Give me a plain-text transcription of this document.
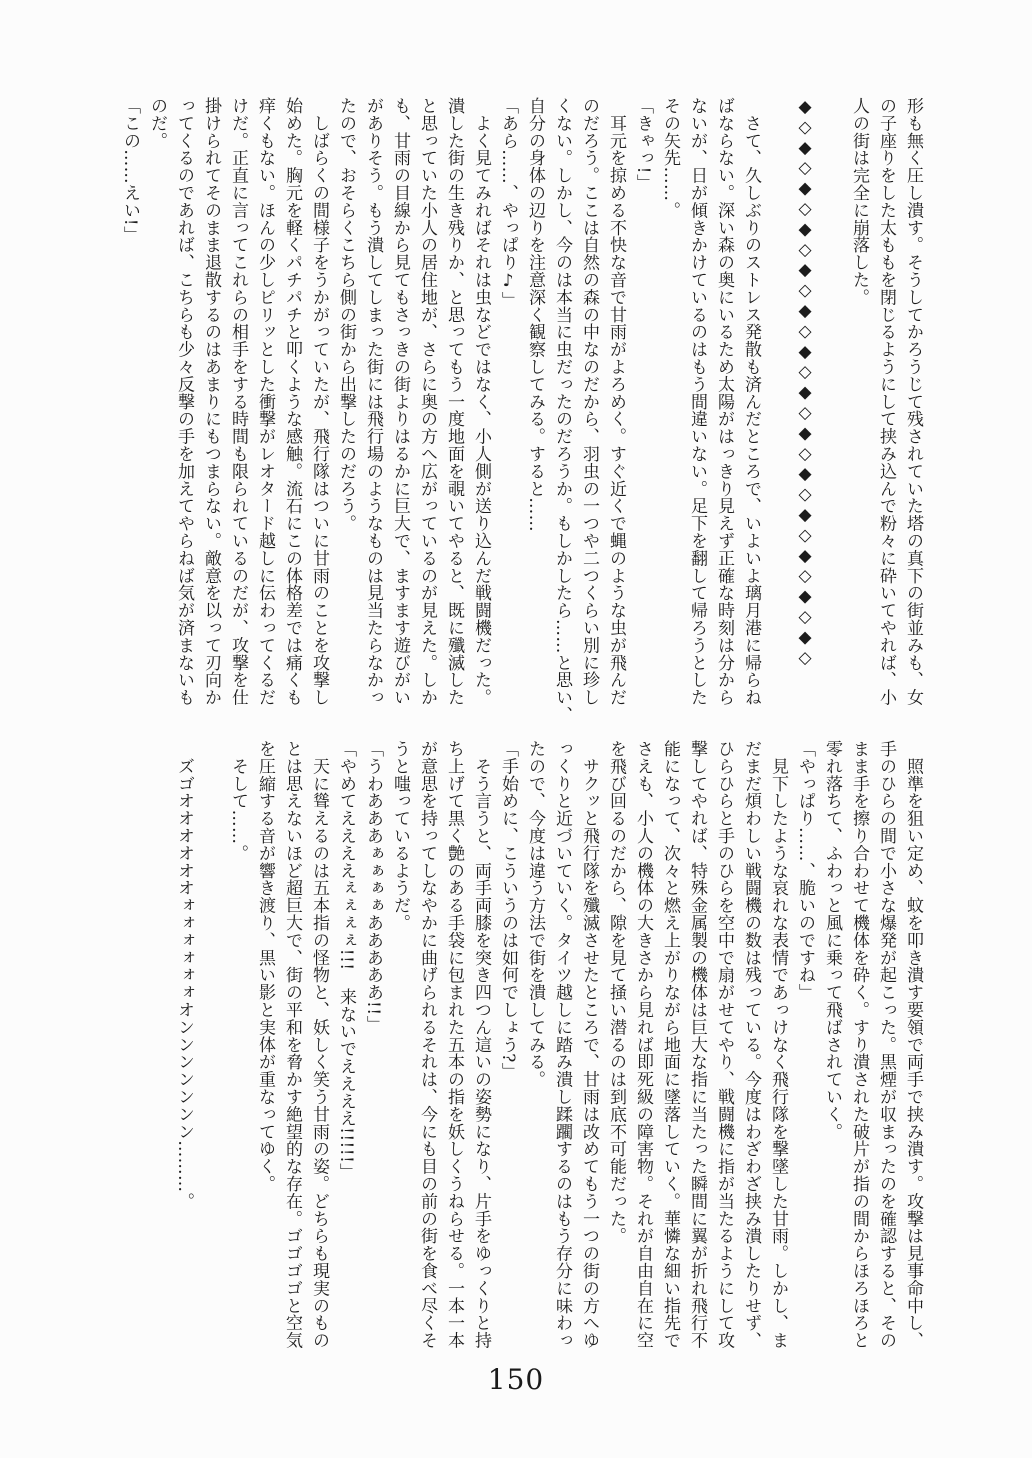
形も無く圧し潰す。そうしてかろうじて残されていた塔の真下の街並みも、女
の子座りをした太ももを閉じるようにして挟み込んで粉々に砕いてやれば、小
人の街は完全に崩落した。
◆◇◆◇◆◇◆◇◆◇◆◇◆◇◆◇◆◇◆◇◆◇◆◇◆◇◆◇
　さて、久しぶりのストレス発散も済んだところで、いよいよ璃月港に帰らね
ばならない。深い森の奥にいるため太陽がはっきり見えず正確な時刻は分から
ないが、日が傾きかけているのはもう間違いない。足下を翻して帰ろうとした
その矢先……。
「きゃっ!」
　耳元を掠める不快な音で甘雨がよろめく。すぐ近くで蝿のような虫が飛んだ
のだろう。ここは自然の森の中なのだから、羽虫の一つや二つくらい別に珍し
くない。しかし、今のは本当に虫だったのだろうか。もしかしたら……と思い、
自分の身体の辺りを注意深く観察してみる。すると……
「あら……、やっぱり♪」
　よく見てみればそれは虫などではなく、小人側が送り込んだ戦闘機だった。
潰した街の生き残りか、と思ってもう一度地面を覗いてやると、既に殲滅した
と思っていた小人の居住地が、さらに奥の方へ広がっているのが見えた。しか
も、甘雨の目線から見てもさっきの街よりはるかに巨大で、ますます遊びがい
がありそう。もう潰してしまった街には飛行場のようなものは見当たらなかっ
たので、おそらくこちら側の街から出撃したのだろう。
　しばらくの間様子をうかがっていたが、飛行隊はついに甘雨のことを攻撃し
始めた。胸元を軽くパチパチと叩くような感触。流石にこの体格差では痛くも
痒くもない。ほんの少しピリッとした衝撃がレオタード越しに伝わってくるだ
けだ。正直に言ってこれらの相手をする時間も限られているのだが、攻撃を仕
掛けられてそのまま退散するのはあまりにもつまらない。敵意を以って刃向か
ってくるのであれば、こちらも少々反撃の手を加えてやらねば気が済まないも
のだ。
「この……えい!」
　照準を狙い定め、蚊を叩き潰す要領で両手で挟み潰す。攻撃は見事命中し、
手のひらの間で小さな爆発が起こった。黒煙が収まったのを確認すると、その
まま手を擦り合わせて機体を砕く。すり潰された破片が指の間からほろほろと
零れ落ちて、ふわっと風に乗って飛ばされていく。
「やっぱり……、脆いのですね」
　見下したような哀れな表情であっけなく飛行隊を撃墜した甘雨。しかし、ま
だまだ煩わしい戦闘機の数は残っている。今度はわざわざ挟み潰したりせず、
ひらひらと手のひらを空中で扇がせてやり、戦闘機に指が当たるようにして攻
撃してやれば、特殊金属製の機体は巨大な指に当たった瞬間に翼が折れ飛行不
能になって、次々と燃え上がりながら地面に墜落していく。華憐な細い指先で
さえも、小人の機体の大きさから見れば即死級の障害物。それが自由自在に空
を飛び回るのだから、隙を見て掻い潜るのは到底不可能だった。
　サクッと飛行隊を殲滅させたところで、甘雨は改めてもう一つの街の方へゆ
っくりと近づいていく。タイツ越しに踏み潰し蹂躙するのはもう存分に味わっ
たので、今度は違う方法で街を潰してみる。
「手始めに、こういうのは如何でしょう?」
　そう言うと、両手両膝を突き四つん這いの姿勢になり、片手をゆっくりと持
ち上げて黒く艶のある手袋に包まれた五本の指を妖しくうねらせる。一本一本
が意思を持ってしなやかに曲げられるそれは、今にも目の前の街を食べ尽くそ
うと嗤っているようだ。
「うわあああぁぁぁぁあああああ!!」
「やめてええええぇぇぇぇ!!!　来ないでええええ!!!!!」
　天に聳えるのは五本指の怪物と、妖しく笑う甘雨の姿。どちらも現実のもの
とは思えないほど超巨大で、街の平和を脅かす絶望的な存在。ゴゴゴゴと空気
を圧縮する音が響き渡り、黒い影と実体が重なってゆく。
　そして……。
　ズゴオオオオオオォォォォォォオンンンンンンン………。
150
